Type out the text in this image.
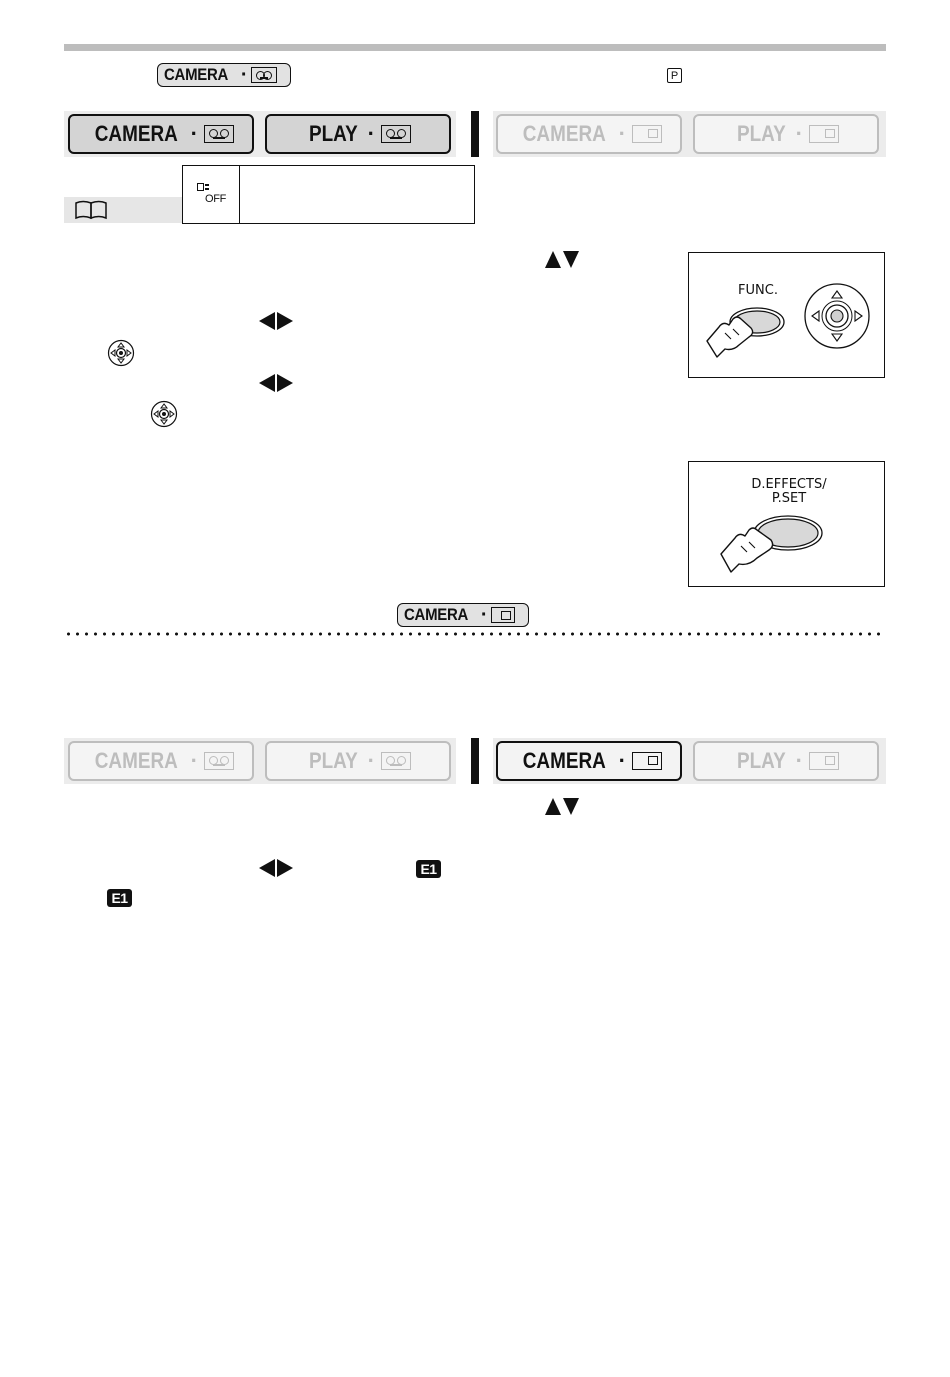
CAMERA ·	P
CAMERA ·	PLAY ·	CAMERA ·	PLAY ·
OFF
FUNC.
D.EFFECTS/
P.SET
CAMERA ·
CAMERA ·	PLAY ·	CAMERA ·	PLAY ·
E1
E1
